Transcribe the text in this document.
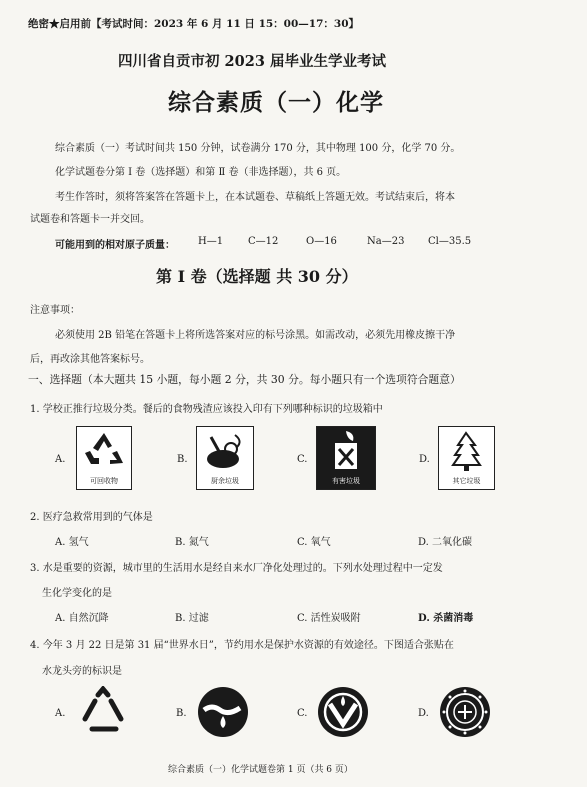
绝密★启用前【考试时间：2023 年 6 月 11 日 15：00—17：30】
四川省自贡市初 2023 届毕业生学业考试
综合素质（一）化学
综合素质（一）考试时间共 150 分钟，试卷满分 170 分，其中物理 100 分，化学 70 分。
化学试题卷分第 Ⅰ 卷（选择题）和第 Ⅱ 卷（非选择题），共 6 页。
考生作答时，须将答案答在答题卡上，在本试题卷、草稿纸上答题无效。考试结束后，将本
试题卷和答题卡一并交回。
可能用到的相对原子质量： H—1 C—12	O—16	Na—23 Cl—35.5
第 Ⅰ 卷（选择题 共 30 分）
注意事项：
必须使用 2B 铅笔在答题卡上将所选答案对应的标号涂黑。如需改动，必须先用橡皮擦干净
后，再改涂其他答案标号。
一、选择题（本大题共 15 小题，每小题 2 分，共 30 分。每小题只有一个选项符合题意）
1. 学校正推行垃圾分类。餐后的食物残渣应该投入印有下列哪种标识的垃圾箱中
A.
可回收物
B.
厨余垃圾
C.
有害垃圾
D.
其它垃圾
2. 医疗急救常用到的气体是
A. 氢气	B. 氮气	C. 氧气	D. 二氧化碳
3. 水是重要的资源，城市里的生活用水是经自来水厂净化处理过的。下列水处理过程中一定发
生化学变化的是
A. 自然沉降	B. 过滤	C. 活性炭吸附	D. 杀菌消毒
4. 今年 3 月 22 日是第 31 届“世界水日”，节约用水是保护水资源的有效途径。下图适合张贴在
水龙头旁的标识是
A.	B.	C.	D.
综合素质（一）化学试题卷第 1 页（共 6 页）
